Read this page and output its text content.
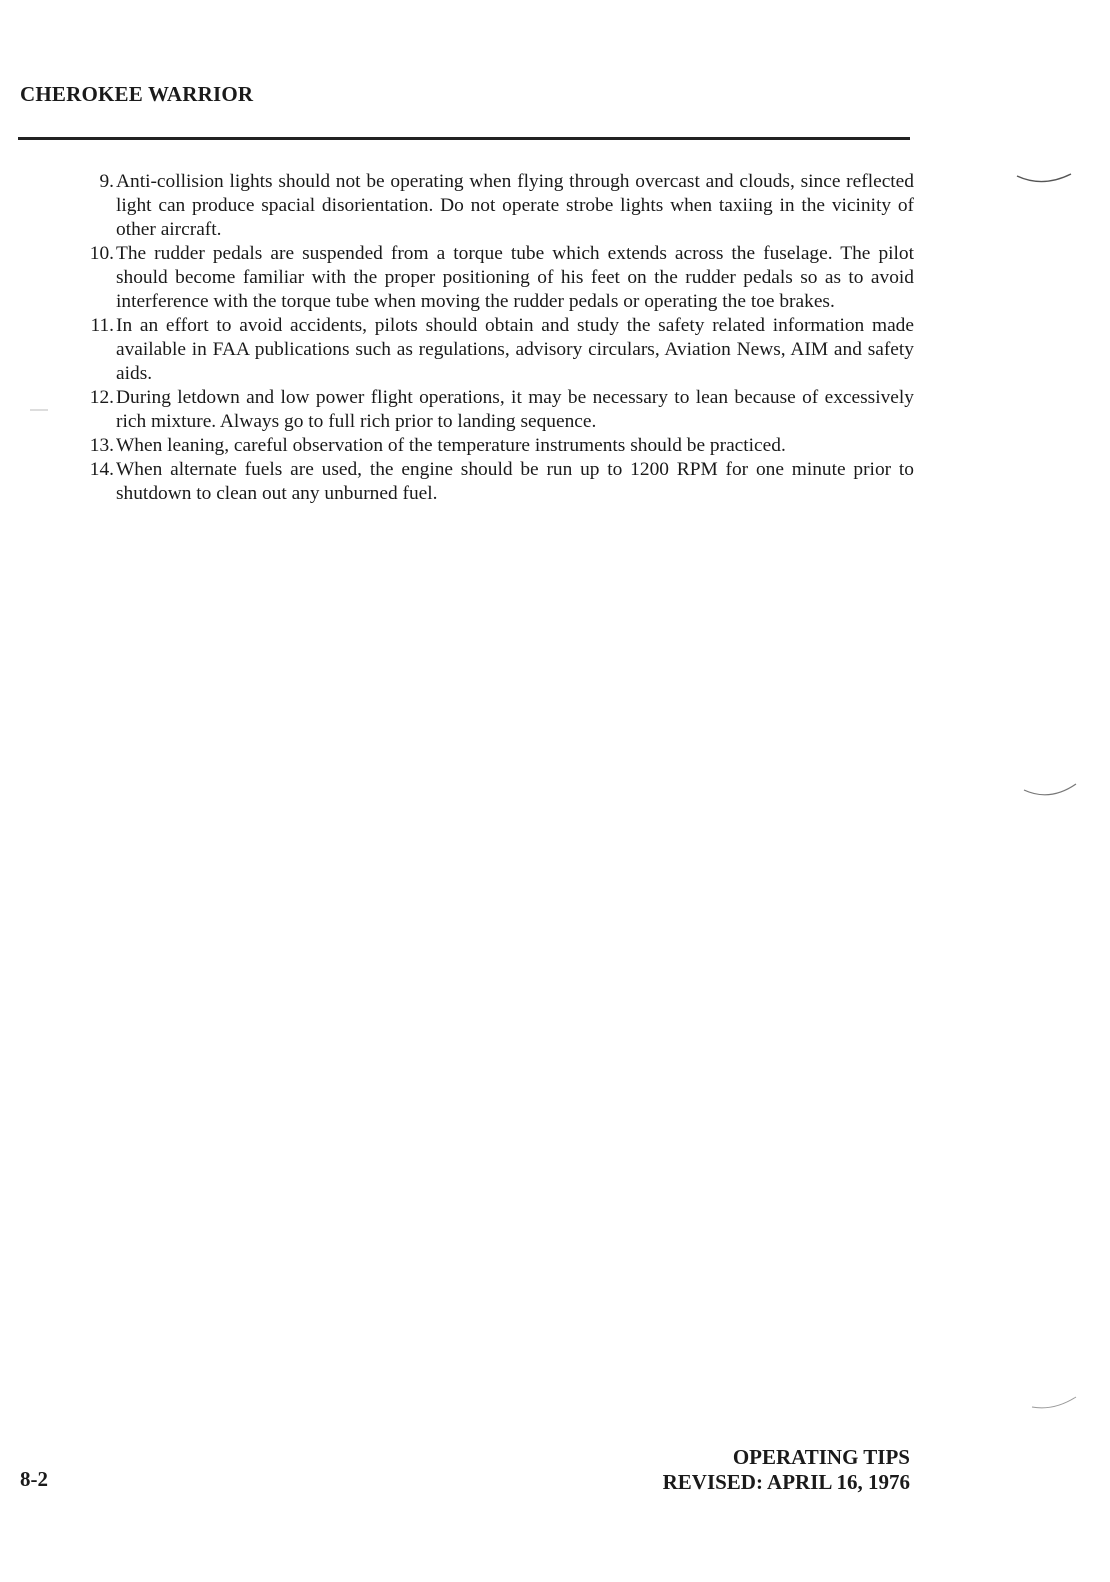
CHEROKEE WARRIOR
9. Anti-collision lights should not be operating when flying through overcast and clouds, since reflected light can produce spacial disorientation. Do not operate strobe lights when taxiing in the vicinity of other aircraft.
10. The rudder pedals are suspended from a torque tube which extends across the fuselage. The pilot should become familiar with the proper positioning of his feet on the rudder pedals so as to avoid interference with the torque tube when moving the rudder pedals or operating the toe brakes.
11. In an effort to avoid accidents, pilots should obtain and study the safety related information made available in FAA publications such as regulations, advisory circulars, Aviation News, AIM and safety aids.
12. During letdown and low power flight operations, it may be necessary to lean because of excessively rich mixture. Always go to full rich prior to landing sequence.
13. When leaning, careful observation of the temperature instruments should be practiced.
14. When alternate fuels are used, the engine should be run up to 1200 RPM for one minute prior to shutdown to clean out any unburned fuel.
8-2
OPERATING TIPS
REVISED: APRIL 16, 1976
